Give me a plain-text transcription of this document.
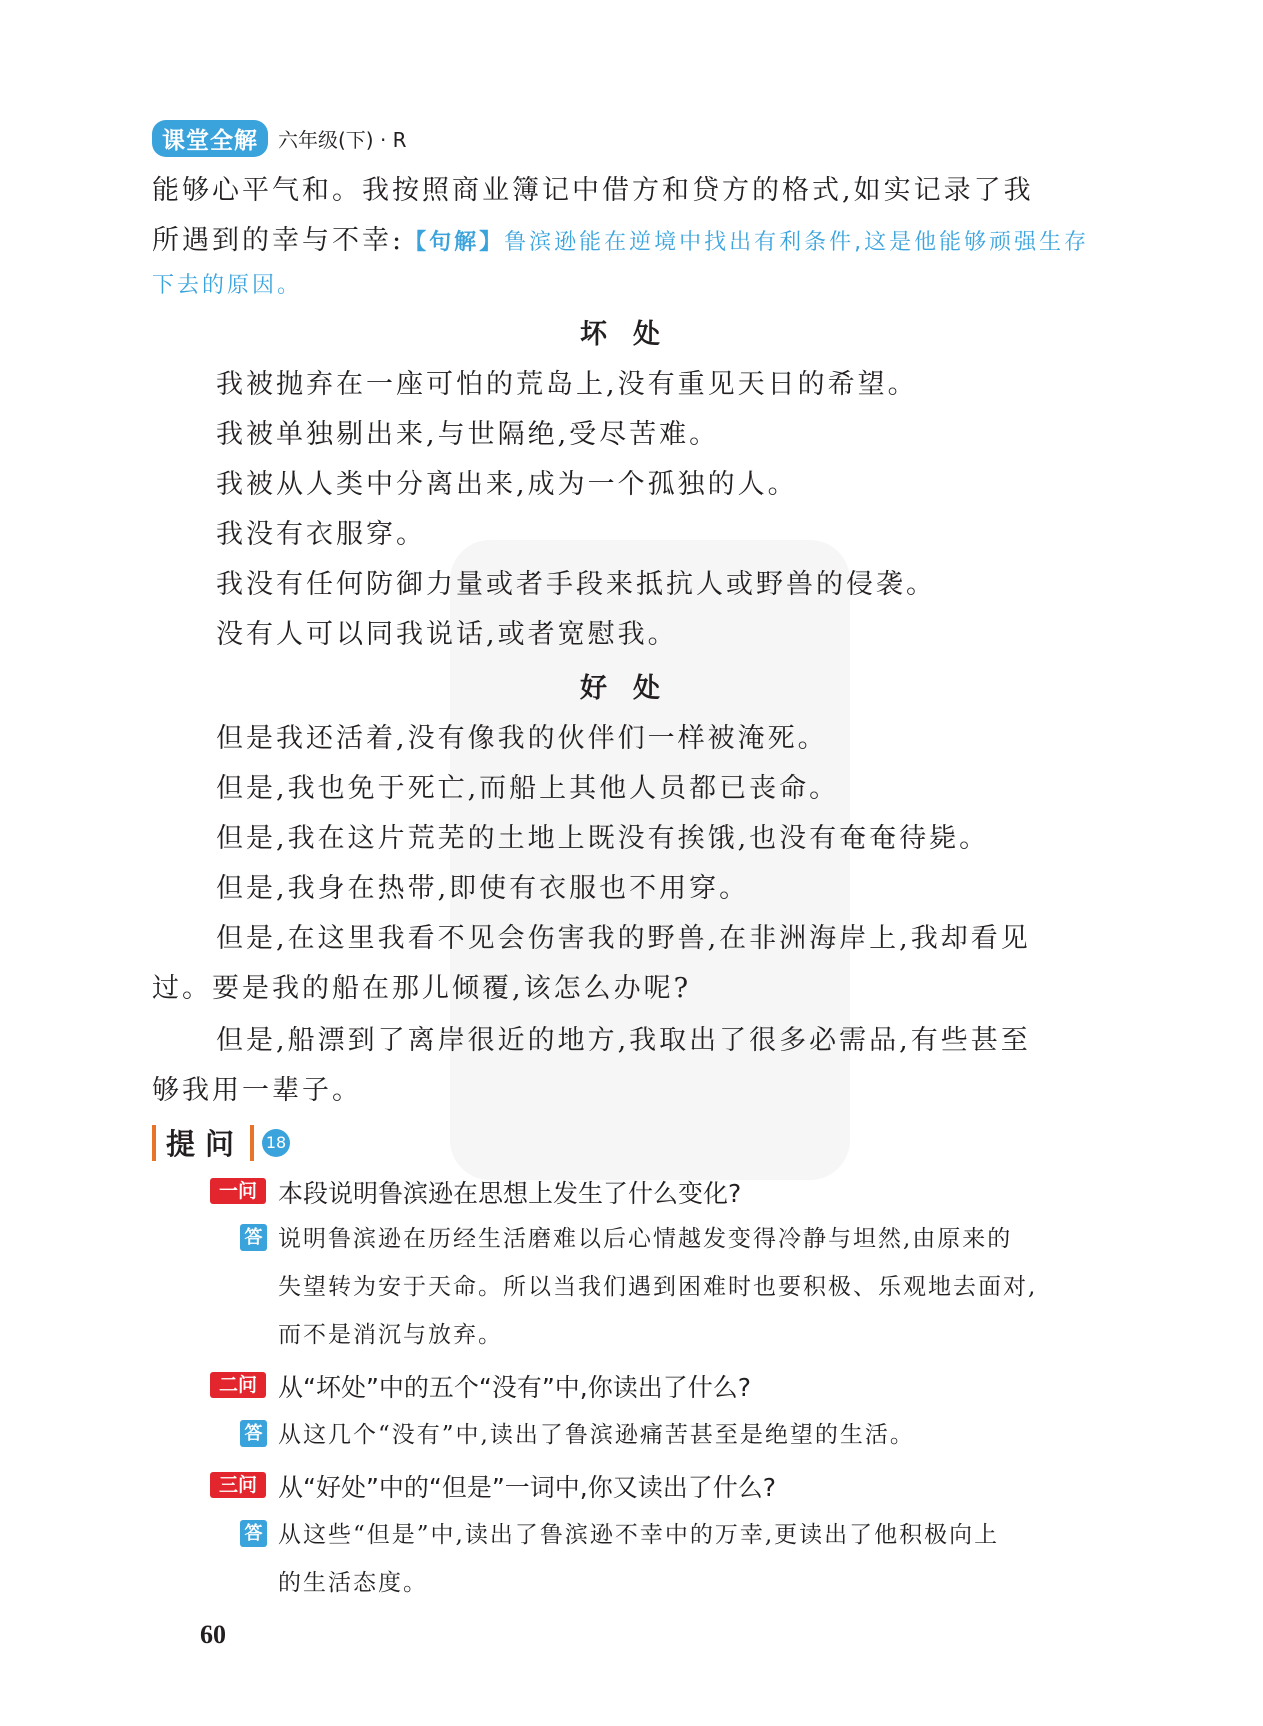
课堂全解	六年级(下) · R
能够心平气和。我按照商业簿记中借方和贷方的格式,如实记录了我
所遇到的幸与不幸:【句解】鲁滨逊能在逆境中找出有利条件,这是他能够顽强生存
下去的原因。
坏处
我被抛弃在一座可怕的荒岛上,没有重见天日的希望。
我被单独剔出来,与世隔绝,受尽苦难。
我被从人类中分离出来,成为一个孤独的人。
我没有衣服穿。
我没有任何防御力量或者手段来抵抗人或野兽的侵袭。
没有人可以同我说话,或者宽慰我。
好处
但是我还活着,没有像我的伙伴们一样被淹死。
但是,我也免于死亡,而船上其他人员都已丧命。
但是,我在这片荒芜的土地上既没有挨饿,也没有奄奄待毙。
但是,我身在热带,即使有衣服也不用穿。
但是,在这里我看不见会伤害我的野兽,在非洲海岸上,我却看见
过。要是我的船在那儿倾覆,该怎么办呢?
但是,船漂到了离岸很近的地方,我取出了很多必需品,有些甚至
够我用一辈子。
提问 18
一问 本段说明鲁滨逊在思想上发生了什么变化?
答 说明鲁滨逊在历经生活磨难以后心情越发变得冷静与坦然,由原来的
失望转为安于天命。所以当我们遇到困难时也要积极、乐观地去面对,
而不是消沉与放弃。
二问 从“坏处”中的五个“没有”中,你读出了什么?
答 从这几个“没有”中,读出了鲁滨逊痛苦甚至是绝望的生活。
三问 从“好处”中的“但是”一词中,你又读出了什么?
答 从这些“但是”中,读出了鲁滨逊不幸中的万幸,更读出了他积极向上
的生活态度。
60
